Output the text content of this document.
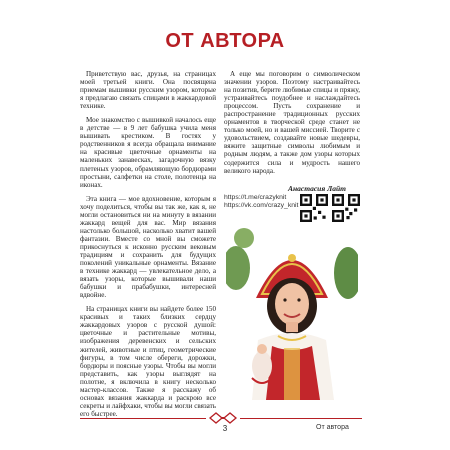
ОТ АВТОРА

Приветствую вас, друзья, на страницах моей третьей книги. Она посвящена приемам вышивки русским узором, которые я предлагаю связать спицами в жаккардовой технике.

Мое знакомство с вышивкой началось еще в детстве — в 9 лет бабушка учила меня вышивать крестиком. В гостях у родственников я всегда обращала внимание на красивые цветочные орнаменты на маленьких занавесках, загадочную вязку плетеных узоров, обрамляющую бордюрами простыни, салфетки на столе, полотенца на иконах.

Эта книга — мое вдохновение, которым я хочу поделиться, чтобы вы так же, как я, не могли остановиться ни на минуту в вязании жаккард вещей для вас. Мир вязания настолько большой, насколько хватит вашей фантазии. Вместе со мной вы сможете прикоснуться к исконно русским вековым традициям и сохранить для будущих поколений уникальные орнаменты. Вязание в технике жаккард — увлекательное дело, а вязать узоры, которые вышивали наши бабушки и прабабушки, интересней вдвойне.

На страницах книги вы найдете более 150 красивых и таких близких сердцу жаккардовых узоров с русской душой: цветочные и растительные мотивы, изображения деревенских и сельских жителей, животные и птиц, геометрические фигуры, в том числе обереги, дорожки, бордюры и поясные узоры. Чтобы вы могли представить, как узоры выглядят на полотне, я включила в книгу несколько мастер-классов. Также я расскажу об основах вязания жаккарда и раскрою все секреты и лайфхаки, чтобы вы могли связать его быстрее.

А еще мы поговорим о символическом значении узоров. Поэтому настраивайтесь на позитив, берите любимые спицы и пряжу, устраивайтесь поудобнее и наслаждайтесь процессом. Пусть сохранение и распространение традиционных русских орнаментов в творческой среде станет не только моей, но и вашей миссией. Творите с удовольствием, создавайте новые шедевры, вяжите защитные символы любимым и родным людям, а также дом узоры которых содержится сила и мудрость нашего великого народа.

Анастасия Лайт
https://t.me/crazyknit
https://vk.com/crazy_knit
3	От автора
